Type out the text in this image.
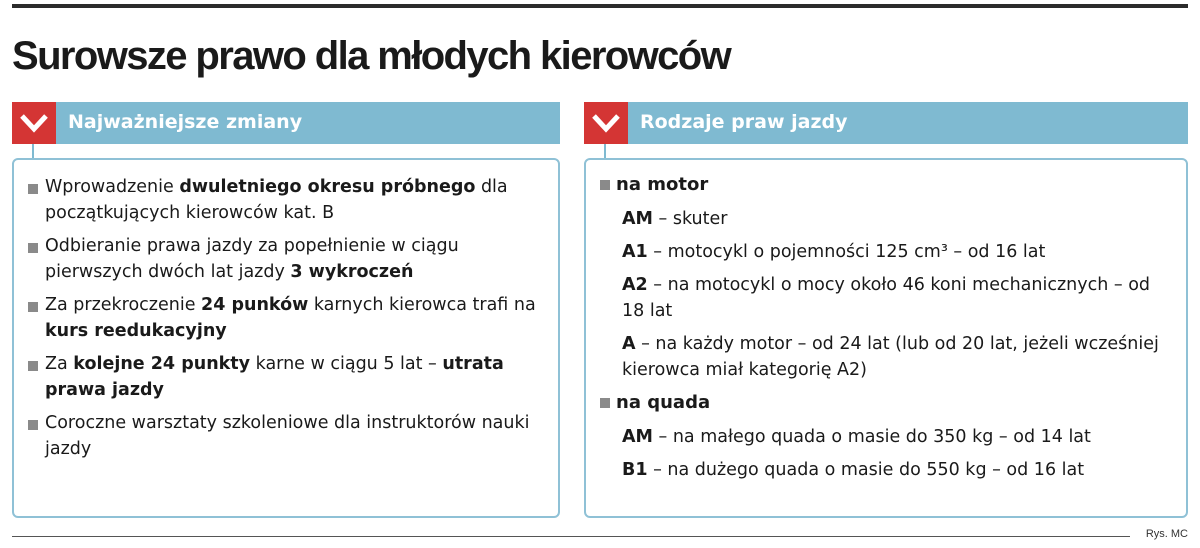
Surowsze prawo dla młodych kierowców
Najważniejsze zmiany
Wprowadzenie dwuletniego okresu próbnego dla początkujących kierowców kat. B
Odbieranie prawa jazdy za popełnienie w ciągu pierwszych dwóch lat jazdy 3 wykroczeń
Za przekroczenie 24 punków karnych kierowca trafi na kurs reedukacyjny
Za kolejne 24 punkty karne w ciągu 5 lat – utrata prawa jazdy
Coroczne warsztaty szkoleniowe dla instruktorów nauki jazdy
Rodzaje praw jazdy
na motor
AM – skuter
A1 – motocykl o pojemności 125 cm³ – od 16 lat
A2 – na motocykl o mocy około 46 koni mechanicznych – od 18 lat
A – na każdy motor – od 24 lat (lub od 20 lat, jeżeli wcześniej kierowca miał kategorię A2)
na quada
AM – na małego quada o masie do 350 kg – od 14 lat
B1 – na dużego quada o masie do 550 kg – od 16 lat
Rys. MC
